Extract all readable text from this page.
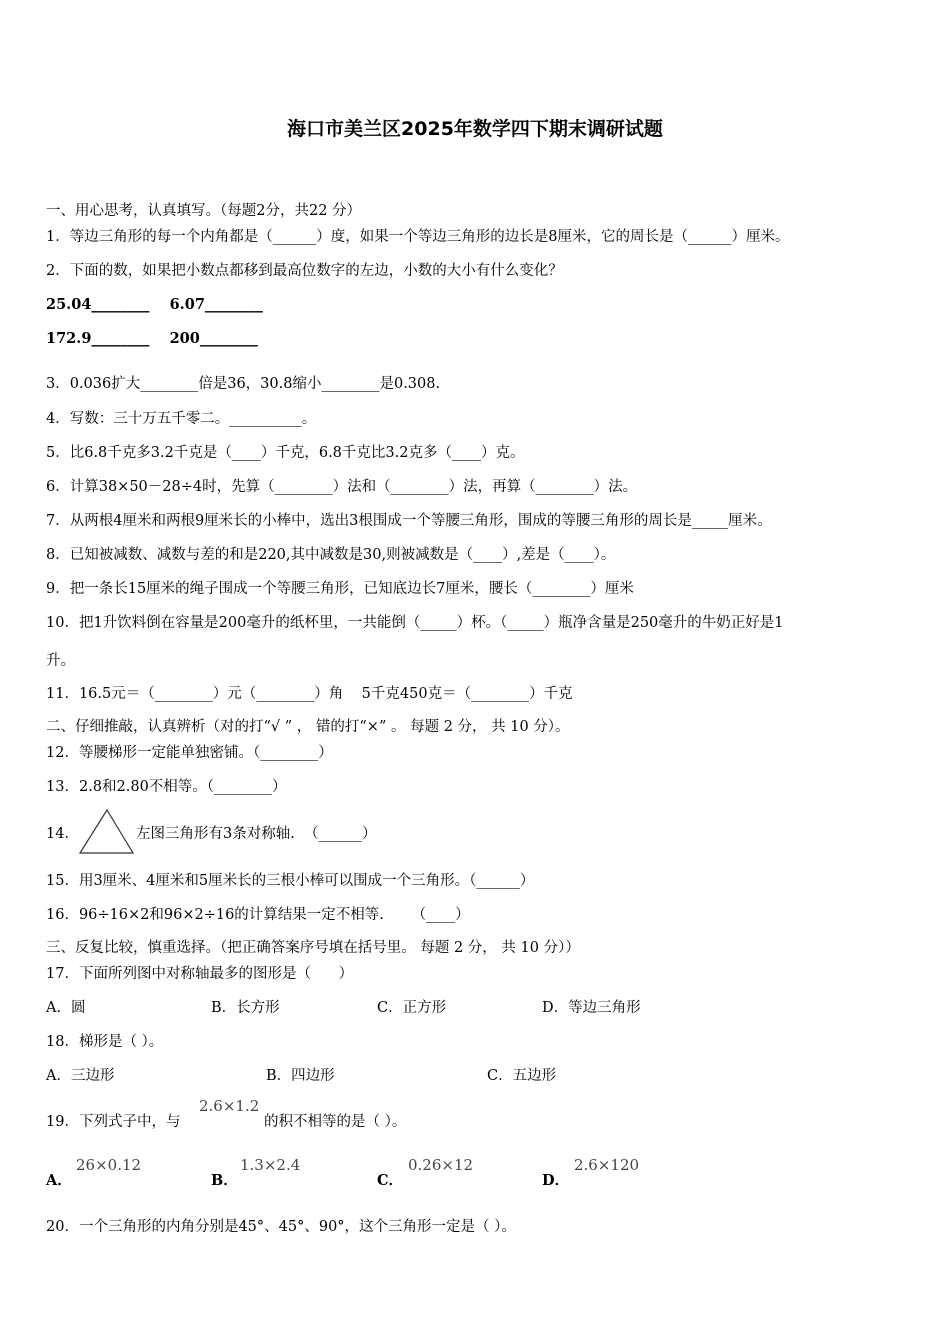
海口市美兰区2025年数学四下期末调研试题
一、用心思考，认真填写。（每题2分，共22 分）
1．等边三角形的每一个内角都是（______）度，如果一个等边三角形的边长是8厘米，它的周长是（______）厘米。
2．下面的数，如果把小数点都移到最高位数字的左边，小数的大小有什么变化？
25.04________    6.07________
172.9________    200________
3．0.036扩大________倍是36，30.8缩小________是0.308.
4．写数：三十万五千零二。__________。
5．比6.8千克多3.2千克是（____）千克，6.8千克比3.2克多（____）克。
6．计算38×50－28÷4时，先算（________）法和（________）法，再算（________）法。
7．从两根4厘米和两根9厘米长的小棒中，选出3根围成一个等腰三角形，围成的等腰三角形的周长是_____厘米。
8．已知被减数、减数与差的和是220,其中减数是30,则被减数是（____）,差是（____）。
9．把一条长15厘米的绳子围成一个等腰三角形，已知底边长7厘米，腰长（________）厘米
10．把1升饮料倒在容量是200毫升的纸杯里，一共能倒（_____）杯。（_____）瓶净含量是250毫升的牛奶正好是1
升。
11．16.5元＝（________）元（________）角    5千克450克＝（________）千克
二、仔细推敲，认真辨析（对的打“√ ” ， 错的打“×” 。 每题 2 分， 共 10 分）。
12．等腰梯形一定能单独密铺。（________）
13．2.8和2.80不相等。（________）
14．	左图三角形有3条对称轴.  （______）
15．用3厘米、4厘米和5厘米长的三根小棒可以围成一个三角形。（______）
16．96÷16×2和96×2÷16的计算结果一定不相等.      （____）
三、反复比较，慎重选择。（把正确答案序号填在括号里。 每题 2 分， 共 10 分））
17．下面所列图中对称轴最多的图形是（      ）
A．圆	B．长方形	C．正方形	D．等边三角形
18．梯形是（ ）。
A．三边形	B．四边形	C．五边形
19．下列式子中，与
2.6×1.2
的积不相等的是（ ）。
A．
26×0.12
B．
1.3×2.4
C．
0.26×12
D．
2.6×120
20．一个三角形的内角分别是45°、45°、90°，这个三角形一定是（ ）。
